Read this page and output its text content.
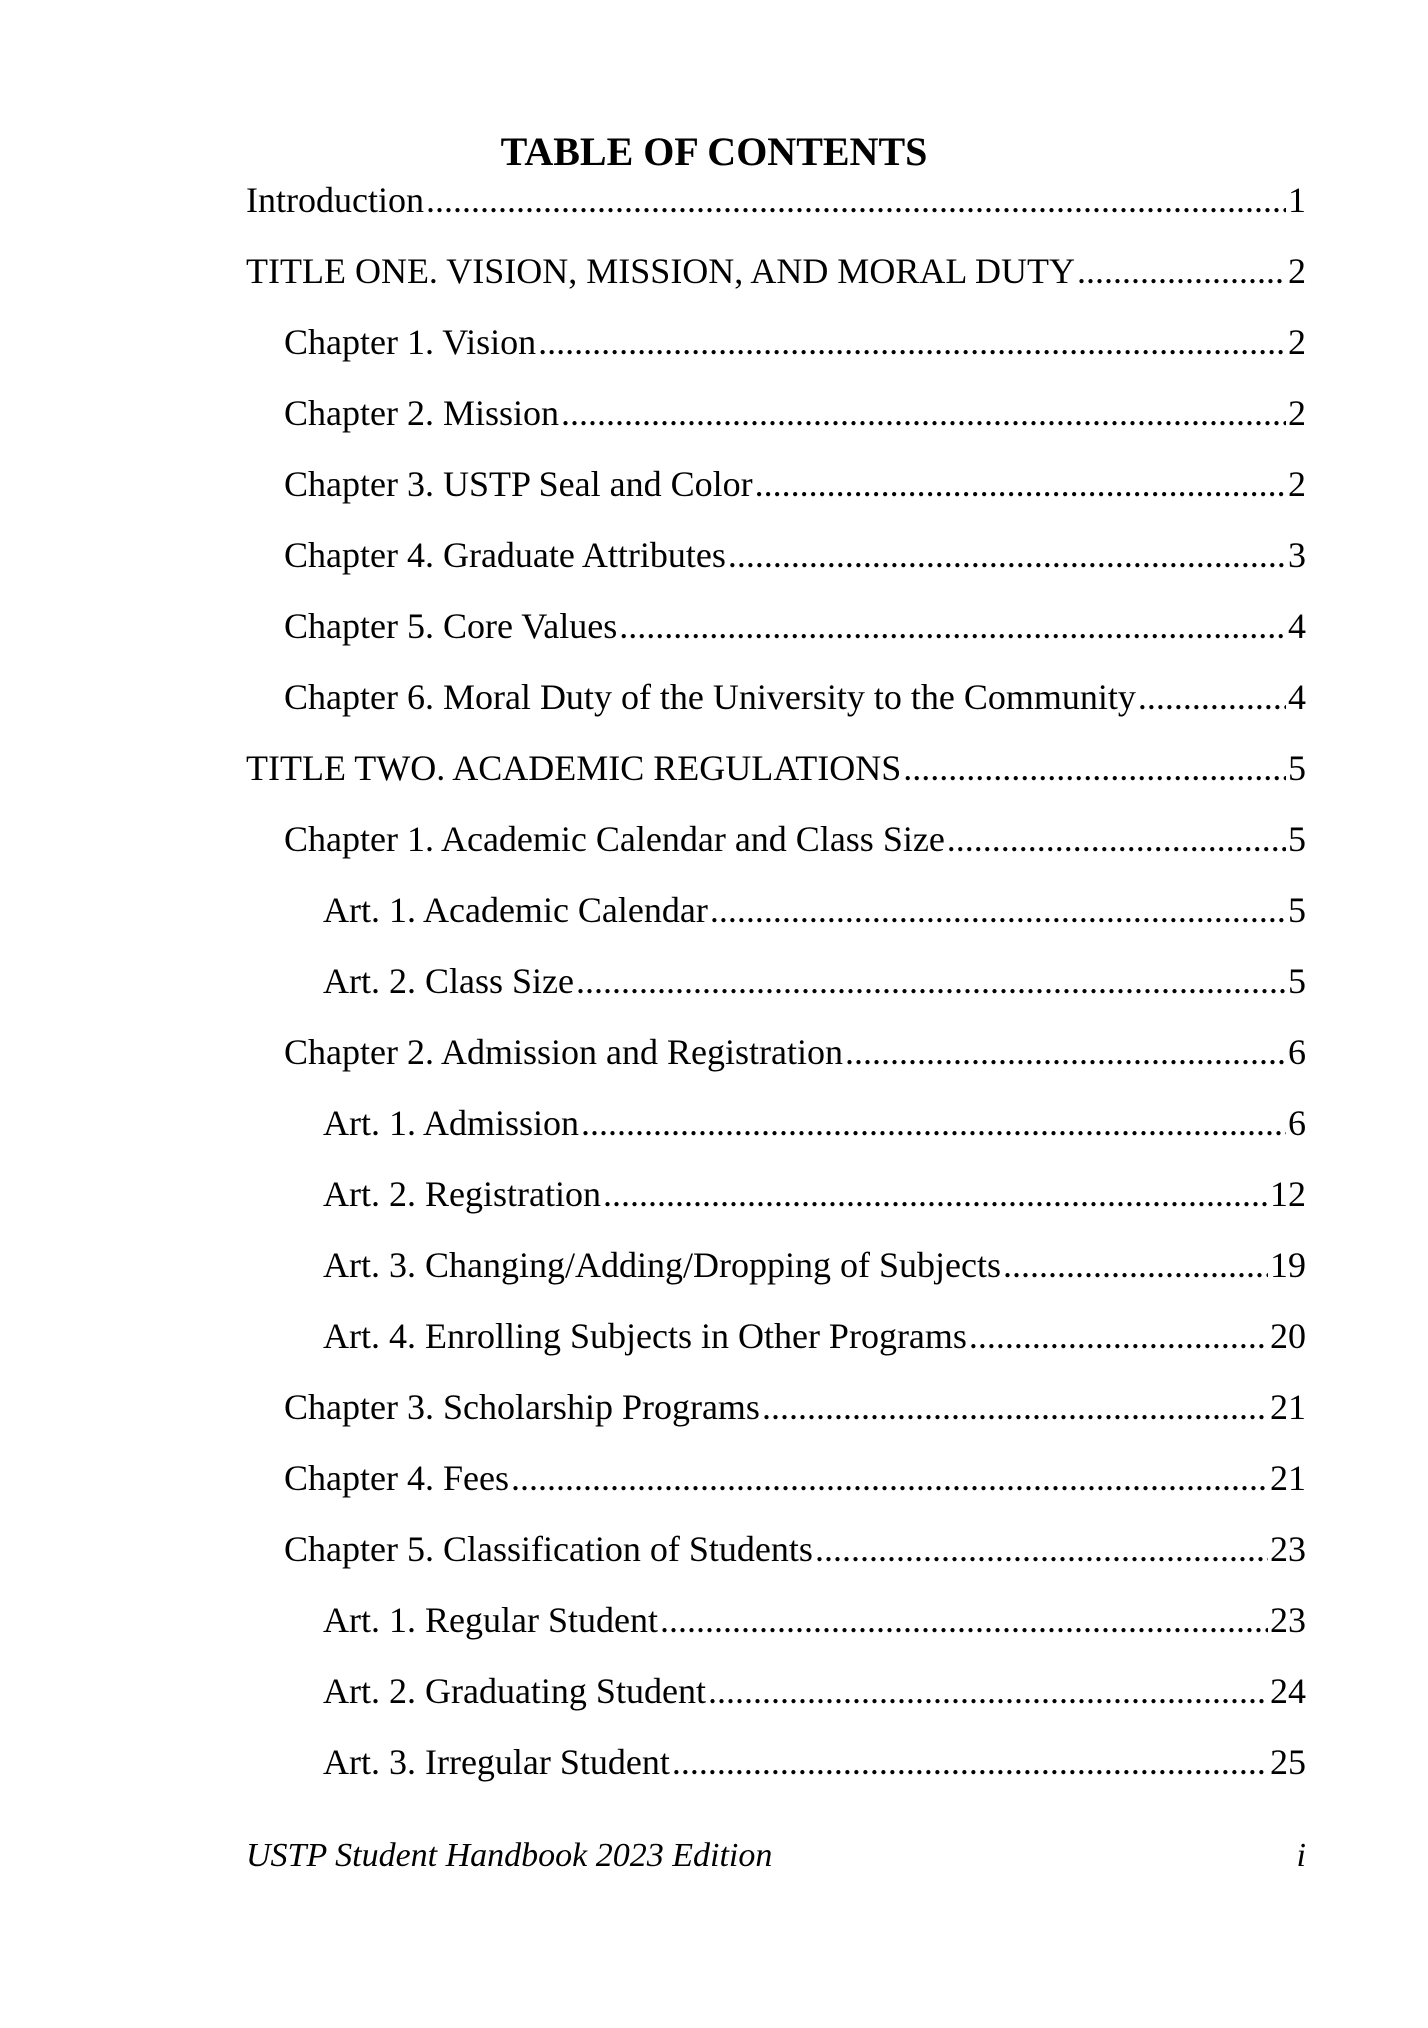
TABLE OF CONTENTS
Introduction .....	1
TITLE ONE. VISION, MISSION, AND MORAL DUTY .....	2
Chapter 1. Vision .....	2
Chapter 2. Mission .....	2
Chapter 3. USTP Seal and Color .....	2
Chapter 4. Graduate Attributes .....	3
Chapter 5. Core Values .....	4
Chapter 6. Moral Duty of the University to the Community .....	4
TITLE TWO. ACADEMIC REGULATIONS .....	5
Chapter 1. Academic Calendar and Class Size .....	5
Art. 1. Academic Calendar .....	5
Art. 2. Class Size .....	5
Chapter 2. Admission and Registration .....	6
Art. 1. Admission .....	6
Art. 2. Registration .....	12
Art. 3. Changing/Adding/Dropping of Subjects .....	19
Art. 4. Enrolling Subjects in Other Programs .....	20
Chapter 3. Scholarship Programs .....	21
Chapter 4. Fees .....	21
Chapter 5. Classification of Students .....	23
Art. 1. Regular Student .....	23
Art. 2. Graduating Student .....	24
Art. 3. Irregular Student .....	25
USTP Student Handbook 2023 Edition	i
